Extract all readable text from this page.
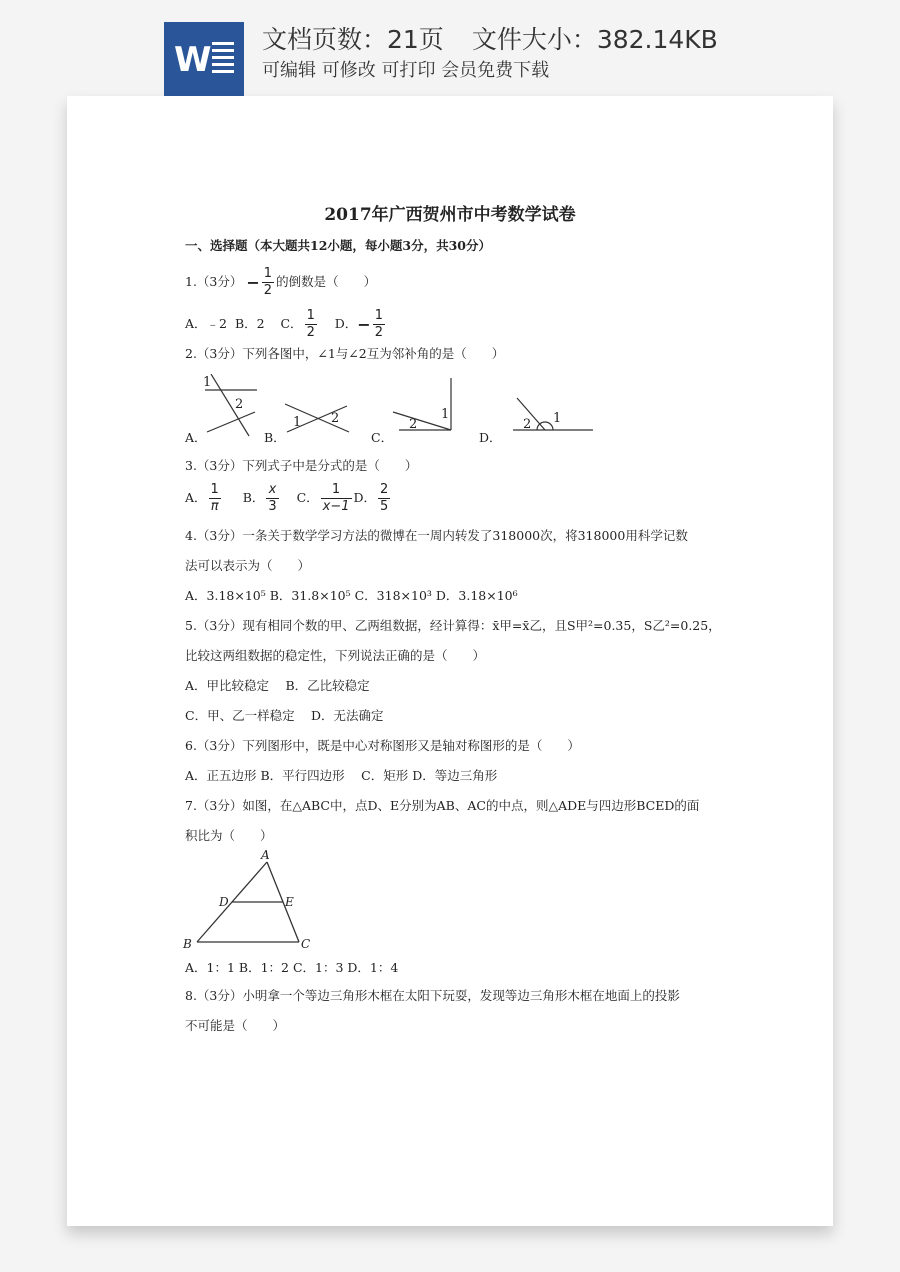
W
文档页数：21页 文件大小：382.14KB
可编辑 可修改 可打印 会员免费下载
2017年广西贺州市中考数学试卷
一、选择题（本大题共12小题，每小题3分，共30分）
1.（3分） − $\frac{1}{2}$ 的倒数是（　　）
A．﹣2 B．2 C． $\frac{1}{2}$ D．− $\frac{1}{2}$
2.（3分）下列各图中，∠1与∠2互为邻补角的是（　　）
1
2
1 2	1
2	1
2
A．	B．	C．	D．
3.（3分）下列式子中是分式的是（　　）
A． $\frac{1}{\pi}$ B． $\frac{x}{3}$ C． $\frac{1}{x-1}$ D． $\frac{2}{5}$
4.（3分）一条关于数学学习方法的微博在一周内转发了318000次，将318000用科学记数
法可以表示为（　　）
A．3.18×10⁵ B．31.8×10⁵ C．318×10³ D．3.18×10⁶
5.（3分）现有相同个数的甲、乙两组数据，经计算得：x̄甲=x̄乙，且S甲²=0.35，S乙²=0.25，
比较这两组数据的稳定性，下列说法正确的是（　　）
A．甲比较稳定　 B．乙比较稳定
C．甲、乙一样稳定　 D．无法确定
6.（3分）下列图形中，既是中心对称图形又是轴对称图形的是（　　）
A．正五边形 B．平行四边形　 C．矩形 D．等边三角形
7.（3分）如图，在△ABC中，点D、E分别为AB、AC的中点，则△ADE与四边形BCED的面
积比为（　　）
A
D	E
B	C
A．1：1 B．1：2 C．1：3 D．1：4
8.（3分）小明拿一个等边三角形木框在太阳下玩耍，发现等边三角形木框在地面上的投影
不可能是（　　）
